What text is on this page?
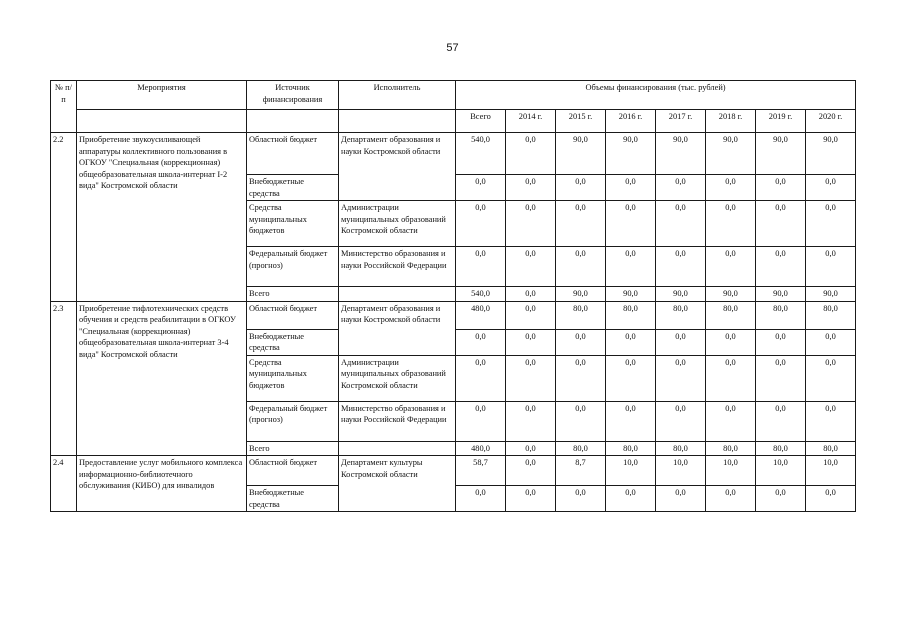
57
№ п/п	Мероприятия	Источник финансирования	Исполнитель	Объемы финансирования (тыс. рублей)							
				Всего	2014 г.	2015 г.	2016 г.	2017 г.	2018 г.	2019 г.	2020 г.
2.2	Приобретение звукоусиливающей аппаратуры коллективного пользования в ОГКОУ "Специальная (коррекционная) общеобразовательная школа-интернат I-2 вида" Костромской области	Областной бюджет	Департамент образования и науки Костромской области	540,0	0,0	90,0	90,0	90,0	90,0	90,0	90,0
		Внебюджетные средства		0,0	0,0	0,0	0,0	0,0	0,0	0,0	0,0
		Средства муниципальных бюджетов	Администрации муниципальных образований Костромской области	0,0	0,0	0,0	0,0	0,0	0,0	0,0	0,0
		Федеральный бюджет (прогноз)	Министерство образования и науки Российской Федерации	0,0	0,0	0,0	0,0	0,0	0,0	0,0	0,0
		Всего		540,0	0,0	90,0	90,0	90,0	90,0	90,0	90,0
2.3	Приобретение тифлотехнических средств обучения и средств реабилитации в ОГКОУ "Специальная (коррекционная) общеобразовательная школа-интернат 3-4 вида" Костромской области	Областной бюджет	Департамент образования и науки Костромской области	480,0	0,0	80,0	80,0	80,0	80,0	80,0	80,0
		Внебюджетные средства		0,0	0,0	0,0	0,0	0,0	0,0	0,0	0,0
		Средства муниципальных бюджетов	Администрации муниципальных образований Костромской области	0,0	0,0	0,0	0,0	0,0	0,0	0,0	0,0
		Федеральный бюджет (прогноз)	Министерство образования и науки Российской Федерации	0,0	0,0	0,0	0,0	0,0	0,0	0,0	0,0
		Всего		480,0	0,0	80,0	80,0	80,0	80,0	80,0	80,0
2.4	Предоставление услуг мобильного комплекса информационно-библиотечного обслуживания (КИБО) для инвалидов	Областной бюджет	Департамент культуры Костромской области	58,7	0,0	8,7	10,0	10,0	10,0	10,0	10,0
		Внебюджетные средства		0,0	0,0	0,0	0,0	0,0	0,0	0,0	0,0
